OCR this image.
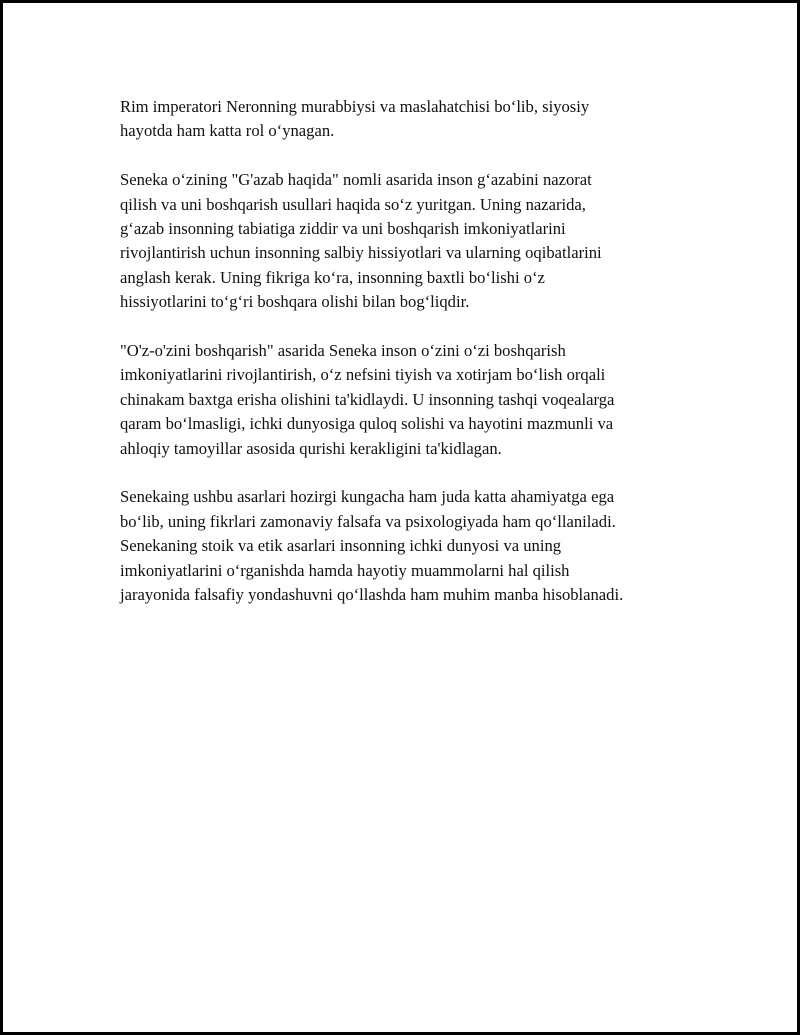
Rim imperatori Neronning murabbiysi va maslahatchisi bo‘lib, siyosiy
hayotda ham katta rol o‘ynagan.

Seneka o‘zining "G'azab haqida" nomli asarida inson g‘azabini nazorat
qilish va uni boshqarish usullari haqida so‘z yuritgan. Uning nazarida,
g‘azab insonning tabiatiga ziddir va uni boshqarish imkoniyatlarini
rivojlantirish uchun insonning salbiy hissiyotlari va ularning oqibatlarini
anglash kerak. Uning fikriga ko‘ra, insonning baxtli bo‘lishi o‘z
hissiyotlarini to‘g‘ri boshqara olishi bilan bog‘liqdir.

"O'z-o'zini boshqarish" asarida Seneka inson o‘zini o‘zi boshqarish
imkoniyatlarini rivojlantirish, o‘z nefsini tiyish va xotirjam bo‘lish orqali
chinakam baxtga erisha olishini ta'kidlaydi. U insonning tashqi voqealarga
qaram bo‘lmasligi, ichki dunyosiga quloq solishi va hayotini mazmunli va
ahloqiy tamoyillar asosida qurishi kerakligini ta'kidlagan.

Senekaing ushbu asarlari hozirgi kungacha ham juda katta ahamiyatga ega
bo‘lib, uning fikrlari zamonaviy falsafa va psixologiyada ham qo‘llaniladi.
Senekaning stoik va etik asarlari insonning ichki dunyosi va uning
imkoniyatlarini o‘rganishda hamda hayotiy muammolarni hal qilish
jarayonida falsafiy yondashuvni qo‘llashda ham muhim manba hisoblanadi.
